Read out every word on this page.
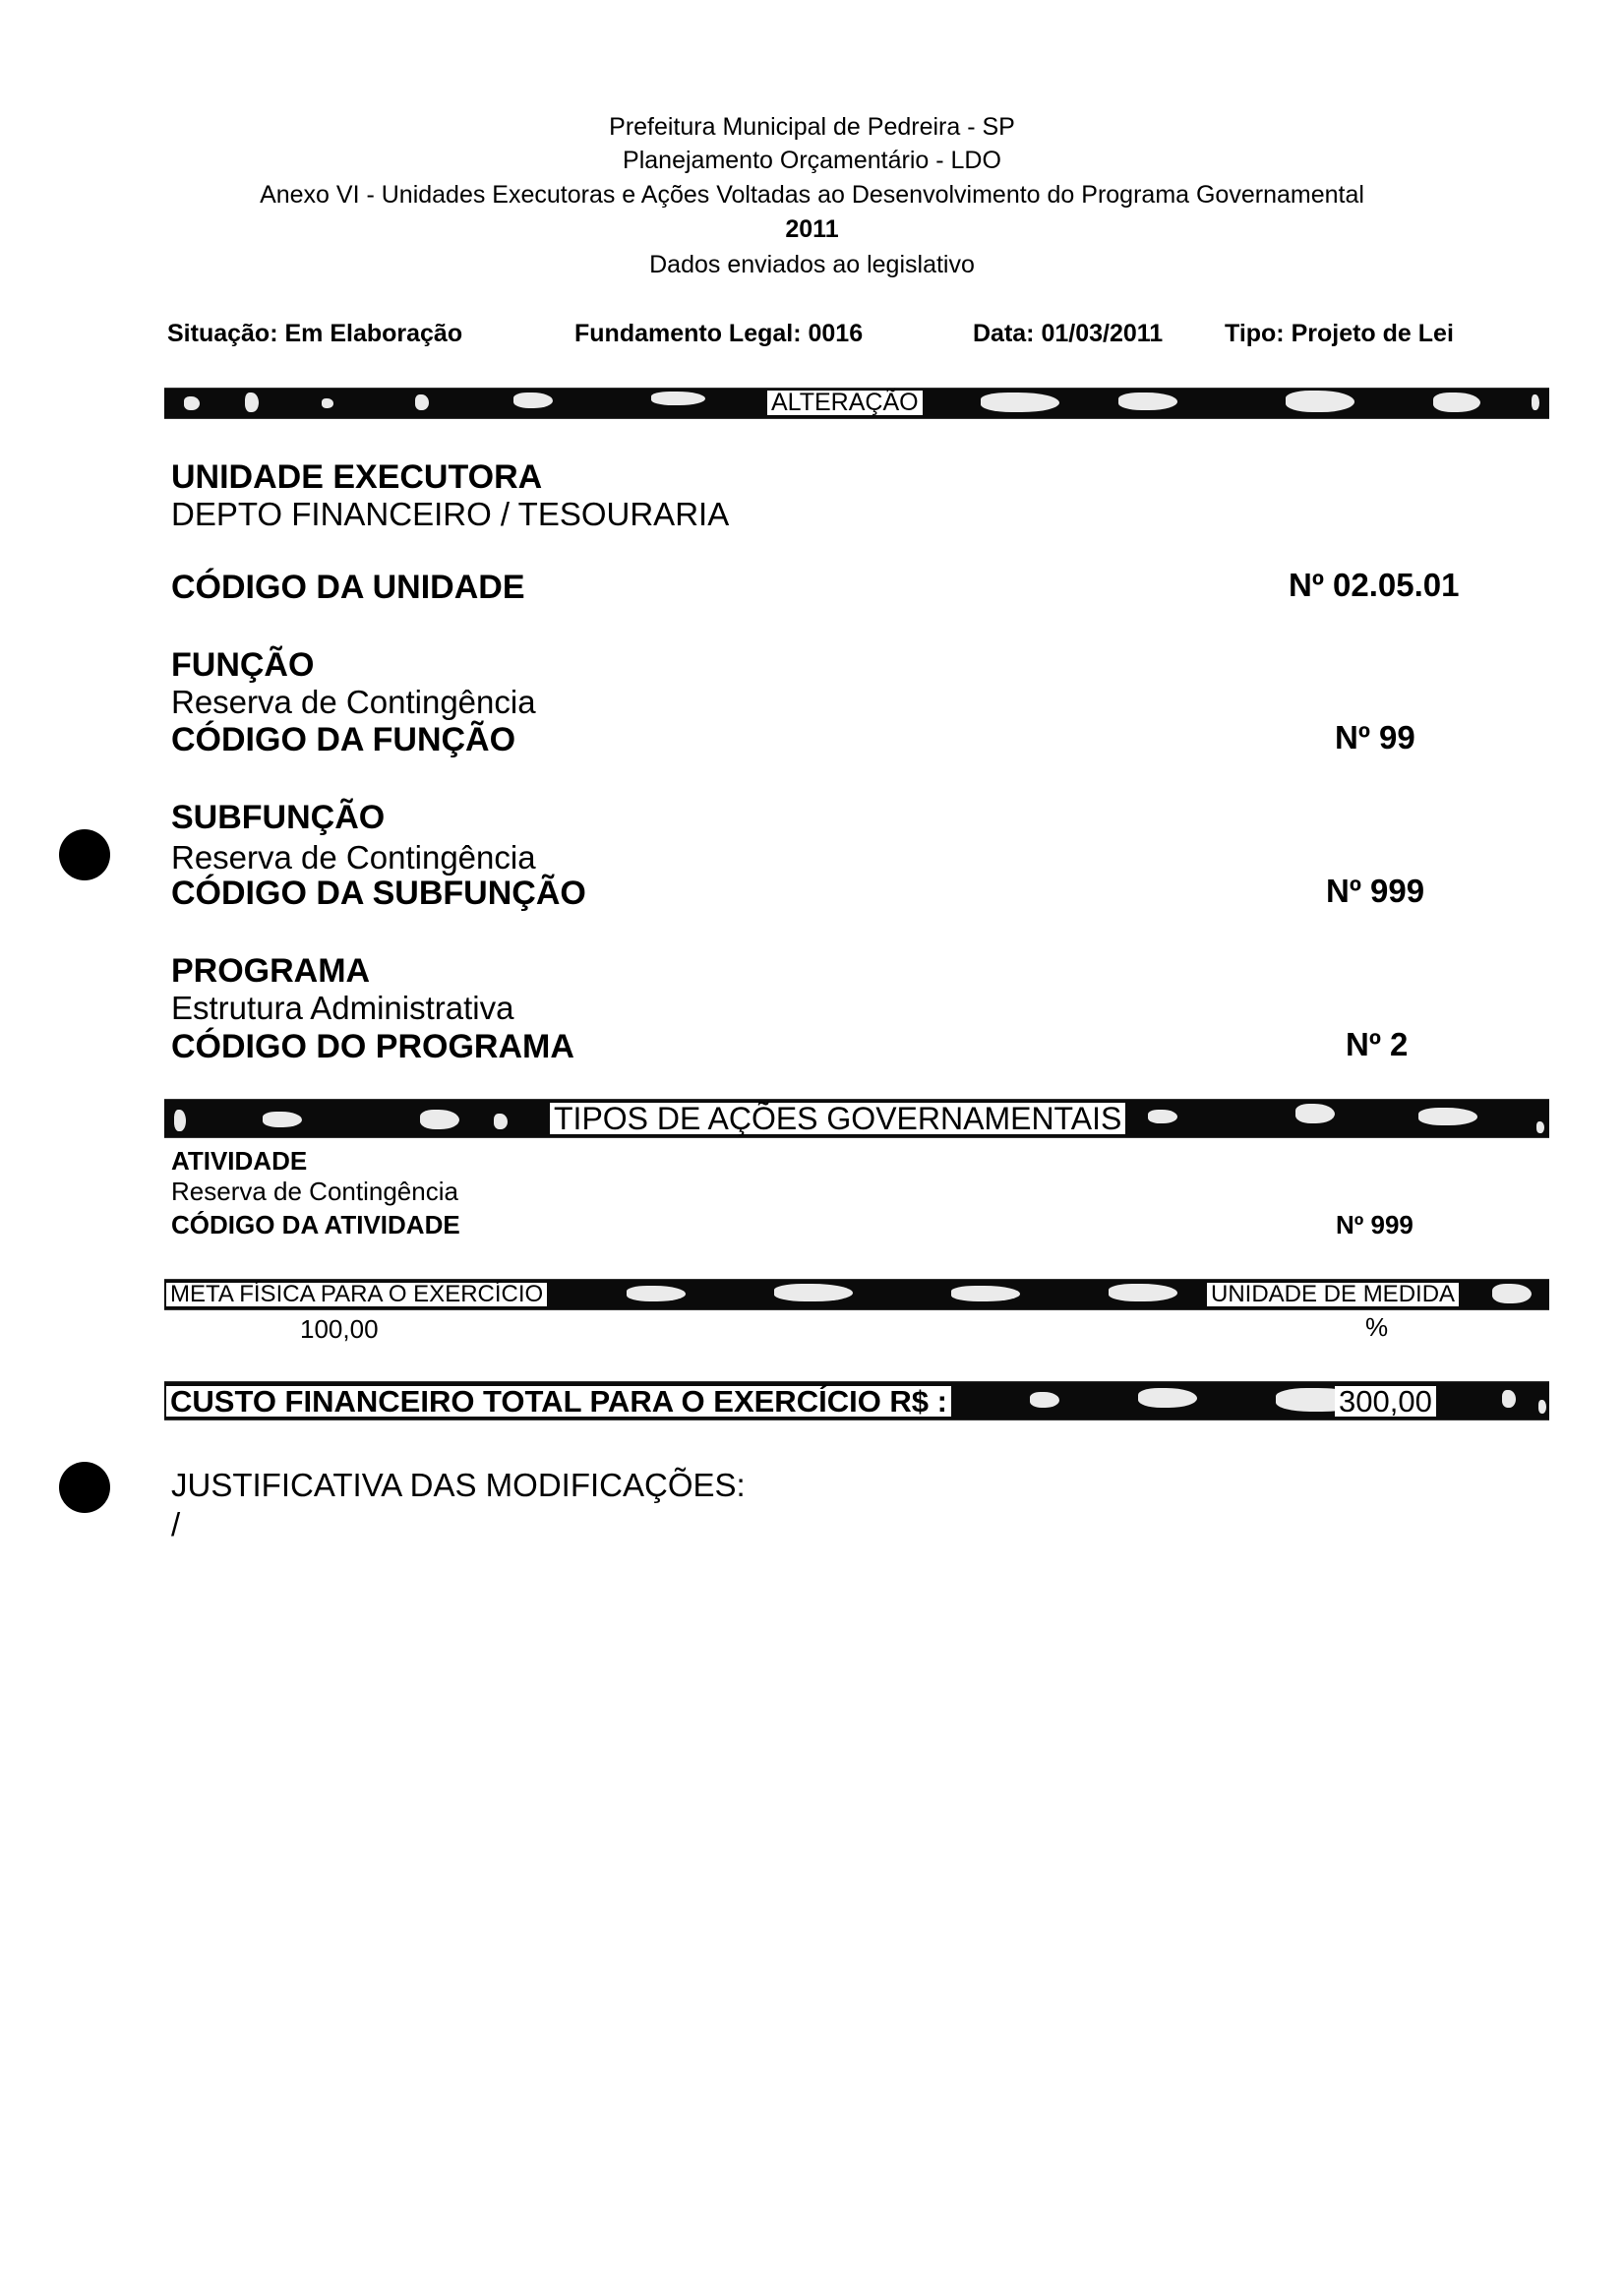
Prefeitura Municipal de Pedreira - SP
Planejamento Orçamentário - LDO
Anexo VI - Unidades Executoras e Ações Voltadas ao Desenvolvimento do Programa Governamental
2011
Dados enviados ao legislativo
Situação: Em Elaboração	Fundamento Legal: 0016	Data: 01/03/2011	Tipo: Projeto de Lei
ALTERAÇÃO
UNIDADE EXECUTORA
DEPTO FINANCEIRO / TESOURARIA
CÓDIGO DA UNIDADE	Nº 02.05.01
FUNÇÃO
Reserva de Contingência
CÓDIGO DA FUNÇÃO	Nº 99
SUBFUNÇÃO
Reserva de Contingência
CÓDIGO DA SUBFUNÇÃO	Nº 999
PROGRAMA
Estrutura Administrativa
CÓDIGO DO PROGRAMA	Nº 2
TIPOS DE AÇÕES GOVERNAMENTAIS
ATIVIDADE
Reserva de Contingência
CÓDIGO DA ATIVIDADE	Nº 999
META FÍSICA PARA O EXERCÍCIO	UNIDADE DE MEDIDA
100,00	%
CUSTO FINANCEIRO TOTAL PARA O EXERCÍCIO R$ :	300,00
JUSTIFICATIVA DAS MODIFICAÇÕES:
/
